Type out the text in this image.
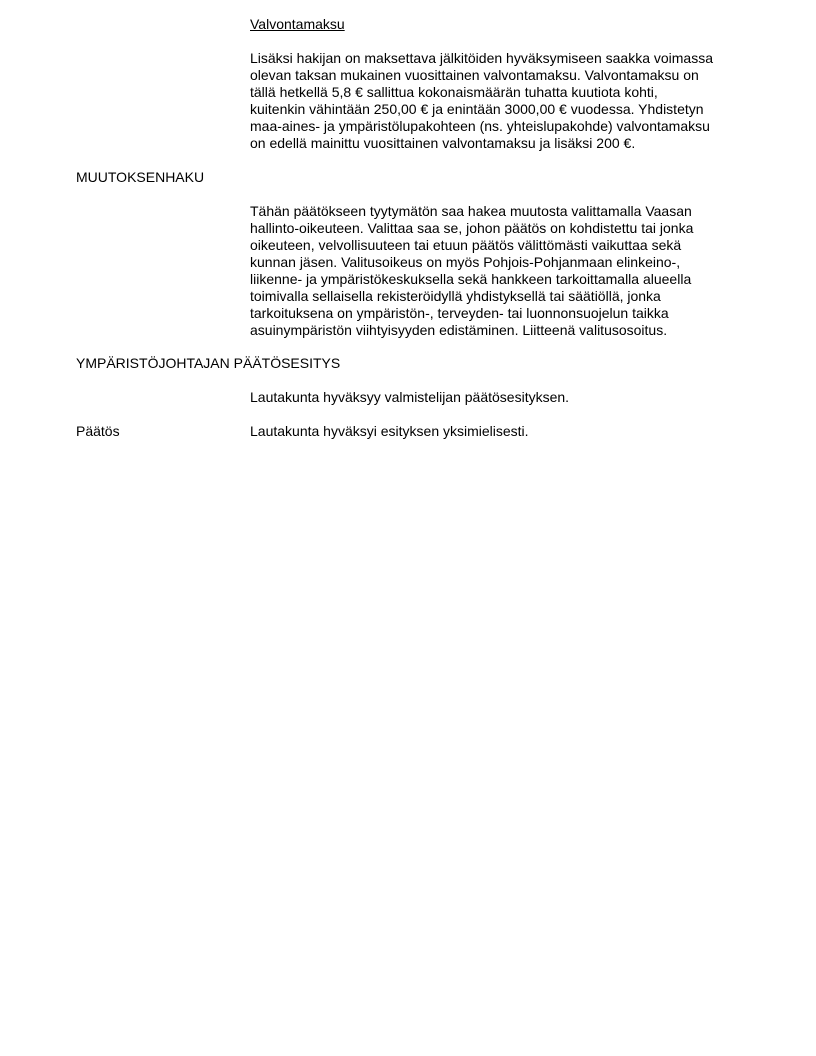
Valvontamaksu
Lisäksi hakijan on maksettava jälkitöiden hyväksymiseen saakka voimassa
olevan taksan mukainen vuosittainen valvontamaksu. Valvontamaksu on
tällä hetkellä 5,8 € sallittua kokonaismäärän tuhatta kuutiota kohti,
kuitenkin vähintään 250,00 € ja enintään 3000,00 € vuodessa. Yhdistetyn
maa-aines- ja ympäristölupakohteen (ns. yhteislupakohde) valvontamaksu
on edellä mainittu vuosittainen valvontamaksu ja lisäksi 200 €.
MUUTOKSENHAKU
Tähän päätökseen tyytymätön saa hakea muutosta valittamalla Vaasan
hallinto-oikeuteen. Valittaa saa se, johon päätös on kohdistettu tai jonka
oikeuteen, velvollisuuteen tai etuun päätös välittömästi vaikuttaa sekä
kunnan jäsen. Valitusoikeus on myös Pohjois-Pohjanmaan elinkeino-,
liikenne- ja ympäristökeskuksella sekä hankkeen tarkoittamalla alueella
toimivalla sellaisella rekisteröidyllä yhdistyksellä tai säätiöllä, jonka
tarkoituksena on ympäristön-, terveyden- tai luonnonsuojelun taikka
asuinympäristön viihtyisyyden edistäminen. Liitteenä valitusosoitus.
YMPÄRISTÖJOHTAJAN PÄÄTÖSESITYS
Lautakunta hyväksyy valmistelijan päätösesityksen.
Päätös	Lautakunta hyväksyi esityksen yksimielisesti.
